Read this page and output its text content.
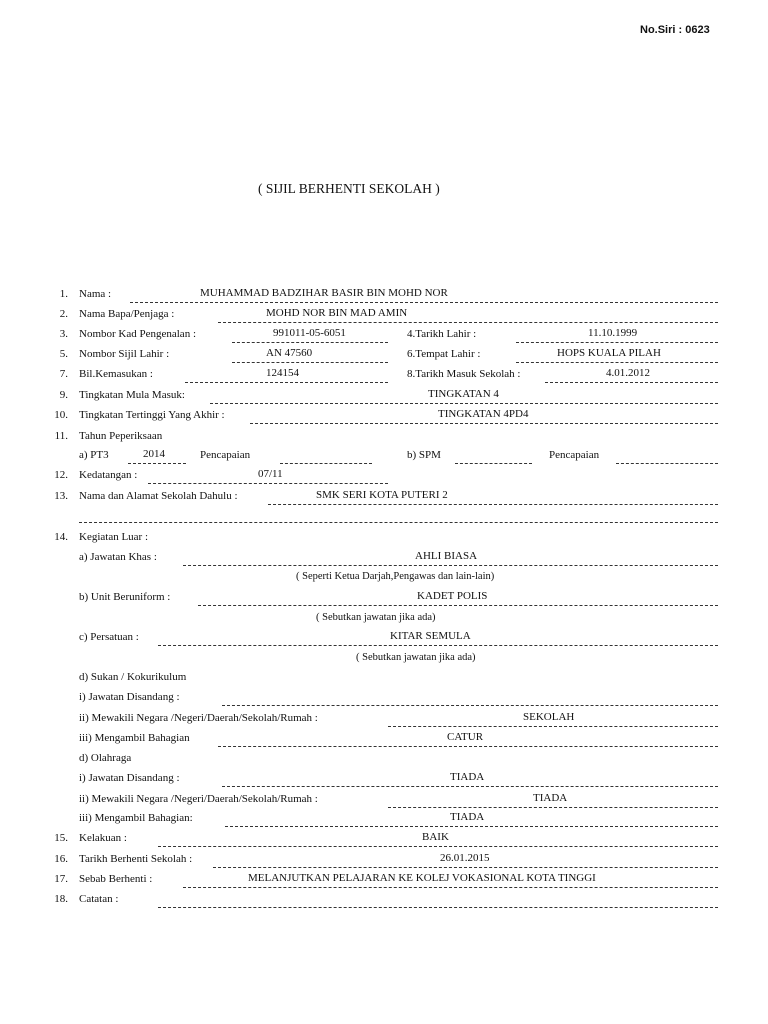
No.Siri : 0623
( SIJIL BERHENTI SEKOLAH )
1. Nama :	MUHAMMAD BADZIHAR BASIR BIN MOHD NOR
2. Nama Bapa/Penjaga :	MOHD NOR BIN MAD AMIN
3. Nombor Kad Pengenalan :	991011-05-6051	4.Tarikh Lahir :	11.10.1999
5. Nombor Sijil Lahir :	AN 47560	6.Tempat Lahir :	HOPS KUALA PILAH
7. Bil.Kemasukan :	124154	8.Tarikh Masuk Sekolah :	4.01.2012
9. Tingkatan Mula Masuk:	TINGKATAN 4
10. Tingkatan Tertinggi Yang Akhir :	TINGKATAN 4PD4
11. Tahun Peperiksaan
a) PT3	2014	Pencapaian	b) SPM	Pencapaian
12. Kedatangan :	07/11
13. Nama dan Alamat Sekolah Dahulu :	SMK SERI KOTA PUTERI 2
14. Kegiatan Luar :
a) Jawatan Khas :	AHLI BIASA
( Seperti Ketua Darjah,Pengawas dan lain-lain)
b) Unit Beruniform :	KADET POLIS
( Sebutkan jawatan jika ada)
c) Persatuan :	KITAR SEMULA
( Sebutkan jawatan jika ada)
d) Sukan / Kokurikulum
i) Jawatan Disandang :
ii) Mewakili Negara /Negeri/Daerah/Sekolah/Rumah :	SEKOLAH
iii) Mengambil Bahagian	CATUR
d) Olahraga
i) Jawatan Disandang :	TIADA
ii) Mewakili Negara /Negeri/Daerah/Sekolah/Rumah :	TIADA
iii) Mengambil Bahagian:	TIADA
15. Kelakuan :	BAIK
16. Tarikh Berhenti Sekolah :	26.01.2015
17. Sebab Berhenti :	MELANJUTKAN PELAJARAN KE KOLEJ VOKASIONAL KOTA TINGGI
18. Catatan :
